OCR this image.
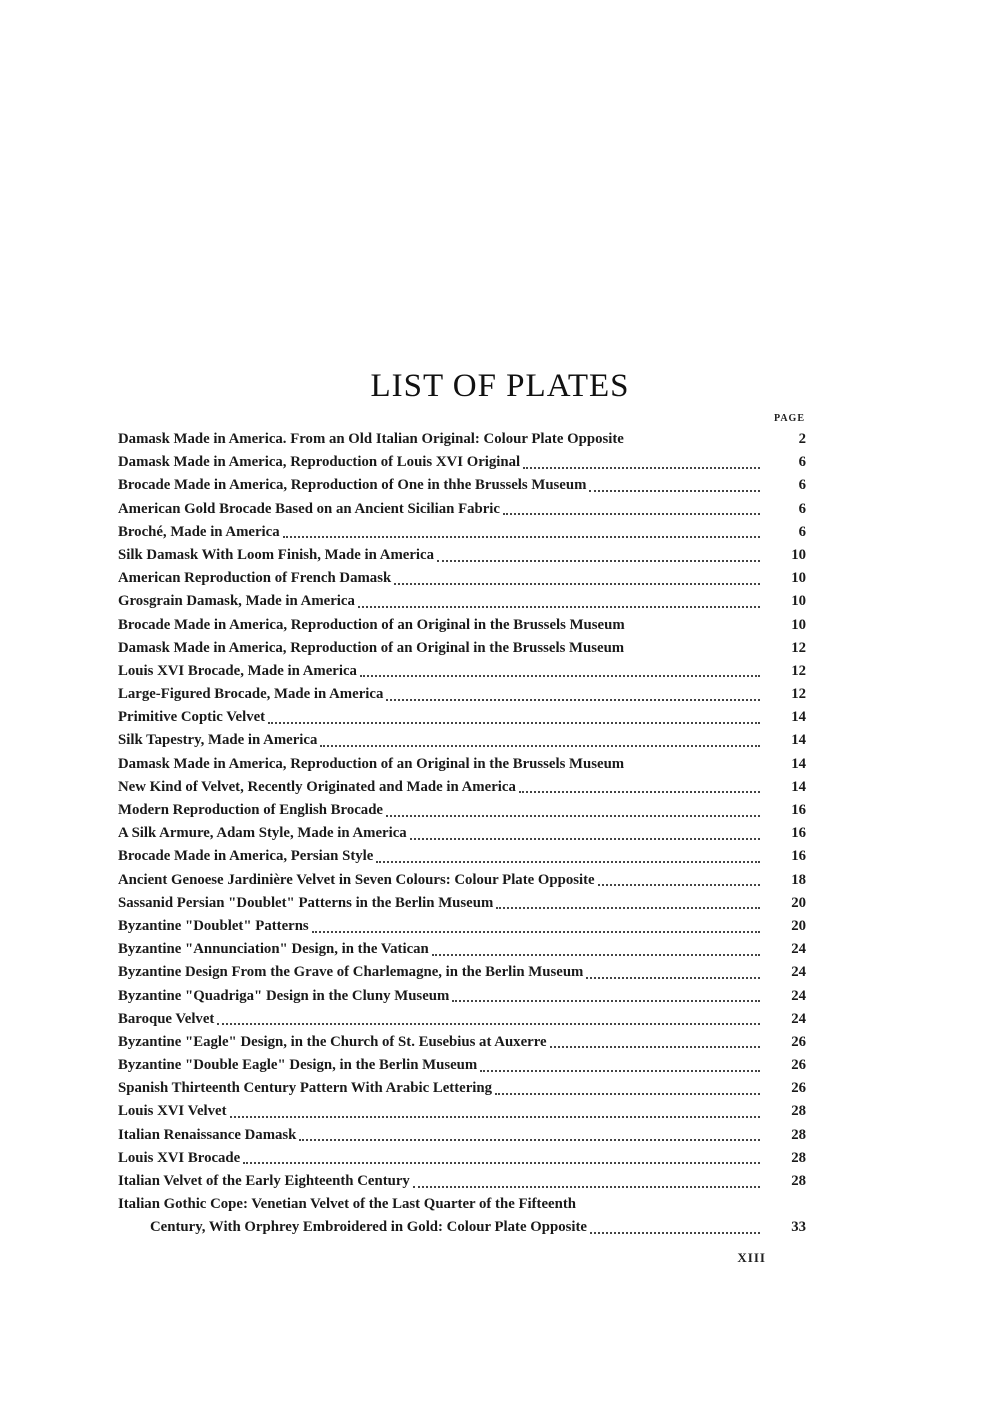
LIST OF PLATES
PAGE
Damask Made in America. From an Old Italian Original: Colour Plate Opposite	2
Damask Made in America, Reproduction of Louis XVI Original	6
Brocade Made in America, Reproduction of One in thhe Brussels Museum	6
American Gold Brocade Based on an Ancient Sicilian Fabric	6
Broché, Made in America	6
Silk Damask With Loom Finish, Made in America	10
American Reproduction of French Damask	10
Grosgrain Damask, Made in America	10
Brocade Made in America, Reproduction of an Original in the Brussels Museum	10
Damask Made in America, Reproduction of an Original in the Brussels Museum	12
Louis XVI Brocade, Made in America	12
Large-Figured Brocade, Made in America	12
Primitive Coptic Velvet	14
Silk Tapestry, Made in America	14
Damask Made in America, Reproduction of an Original in the Brussels Museum	14
New Kind of Velvet, Recently Originated and Made in America	14
Modern Reproduction of English Brocade	16
A Silk Armure, Adam Style, Made in America	16
Brocade Made in America, Persian Style	16
Ancient Genoese Jardinière Velvet in Seven Colours: Colour Plate Opposite	18
Sassanid Persian "Doublet" Patterns in the Berlin Museum	20
Byzantine "Doublet" Patterns	20
Byzantine "Annunciation" Design, in the Vatican	24
Byzantine Design From the Grave of Charlemagne, in the Berlin Museum	24
Byzantine "Quadriga" Design in the Cluny Museum	24
Baroque Velvet	24
Byzantine "Eagle" Design, in the Church of St. Eusebius at Auxerre	26
Byzantine "Double Eagle" Design, in the Berlin Museum	26
Spanish Thirteenth Century Pattern With Arabic Lettering	26
Louis XVI Velvet	28
Italian Renaissance Damask	28
Louis XVI Brocade	28
Italian Velvet of the Early Eighteenth Century	28
Italian Gothic Cope: Venetian Velvet of the Last Quarter of the Fifteenth
Century, With Orphrey Embroidered in Gold: Colour Plate Opposite	33
XIII
